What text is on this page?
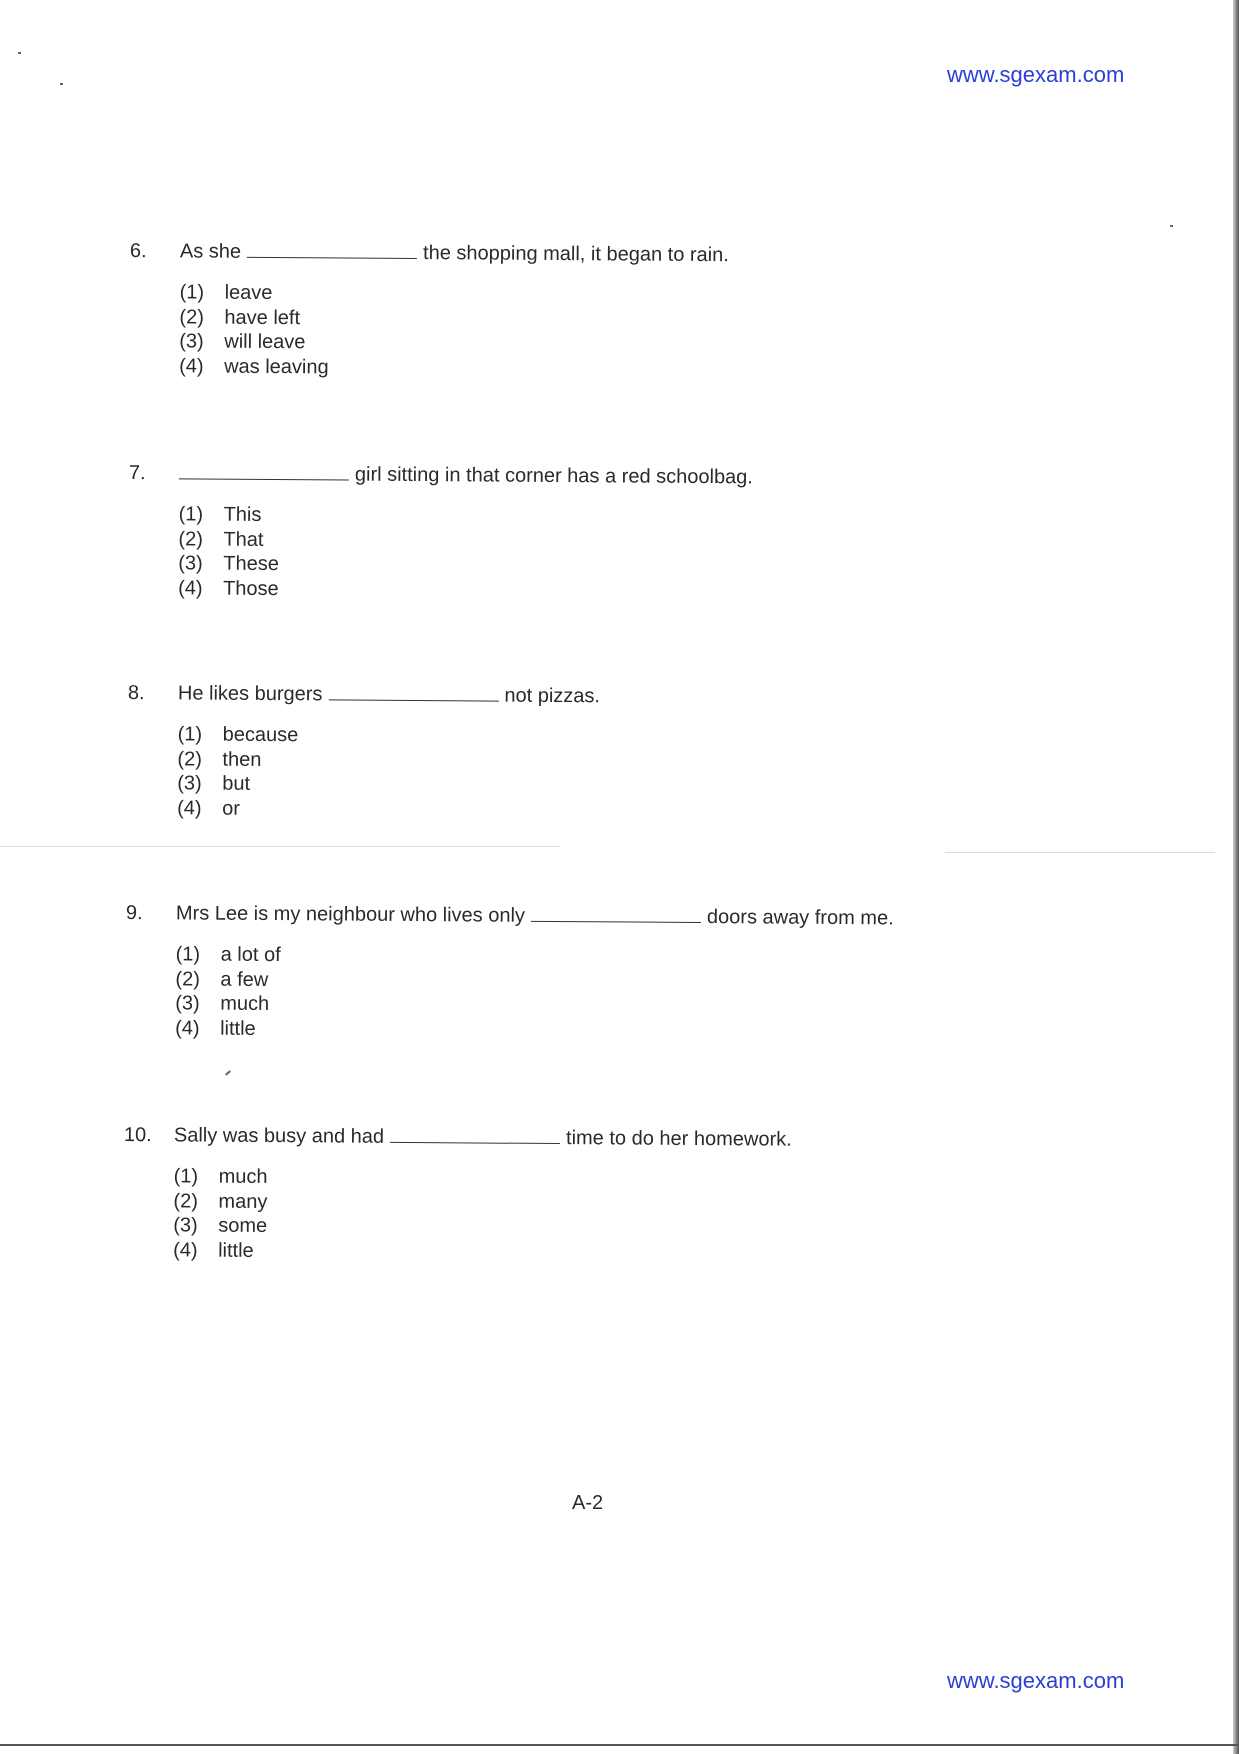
www.sgexam.com
6.	As she	the shopping mall, it began to rain.
(1)	leave
(2)	have left
(3)	will leave
(4)	was leaving
7.	girl sitting in that corner has a red schoolbag.
(1)	This
(2)	That
(3)	These
(4)	Those
8.	He likes burgers	not pizzas.
(1)	because
(2)	then
(3)	but
(4)	or
9.	Mrs Lee is my neighbour who lives only	doors away from me.
(1)	a lot of
(2)	a few
(3)	much
(4)	little
10.	Sally was busy and had	time to do her homework.
(1)	much
(2)	many
(3)	some
(4)	little
A-2
www.sgexam.com
